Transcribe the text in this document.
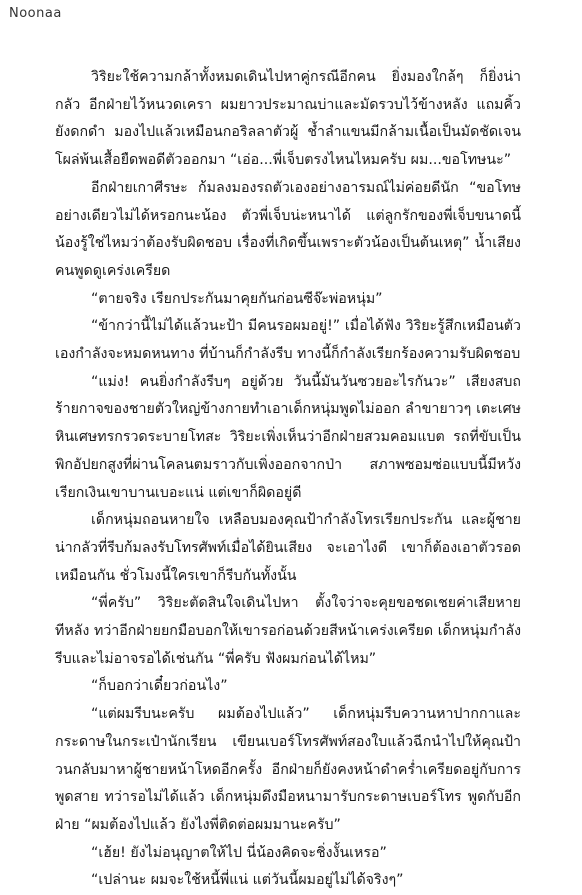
Noonaa

วิริยะใช้ความกล้าทั้งหมดเดินไปหาคู่กรณีอีกคน ยิ่งมองใกล้ๆ ก็ยิ่งน่ากลัว อีกฝ่ายไว้หนวดเครา ผมยาวประมาณบ่าและมัดรวบไว้ข้างหลัง แถมคิ้วยังดกดำ มองไปแล้วเหมือนกอริลลาตัวผู้ ช้ำลำแขนมีกล้ามเนื้อเป็นมัดชัดเจน โผล่พ้นเสื้อยืดพอดีตัวออกมา “เอ่อ...พี่เจ็บตรงไหนไหมครับ ผม...ขอโทษนะ”

อีกฝ่ายเกาศีรษะ ก้มลงมองรถตัวเองอย่างอารมณ์ไม่ค่อยดีนัก “ขอโทษอย่างเดียวไม่ได้หรอกนะน้อง ตัวพี่เจ็บน่ะหนาได้ แต่ลูกรักของพี่เจ็บขนาดนี้ น้องรู้ใช่ไหมว่าต้องรับผิดชอบ เรื่องที่เกิดขึ้นเพราะตัวน้องเป็นต้นเหตุ” น้ำเสียงคนพูดดูเคร่งเครียด

“ตายจริง เรียกประกันมาคุยกันก่อนซีจ๊ะพ่อหนุ่ม”

“ข้ากว่านี้ไม่ได้แล้วนะป้า มีคนรอผมอยู่!” เมื่อได้ฟัง วิริยะรู้สึกเหมือนตัวเองกำลังจะหมดหนทาง ที่บ้านก็กำลังรีบ ทางนี้ก็กำลังเรียกร้องความรับผิดชอบ

“แม่ง! คนยิ่งกำลังรีบๆ อยู่ด้วย วันนี้มันวันซวยอะไรกันวะ” เสียงสบถร้ายกาจของชายตัวใหญ่ข้างกายทำเอาเด็กหนุ่มพูดไม่ออก ลำขายาวๆ เตะเศษหินเศษทรกรวดระบายโทสะ วิริยะเพิ่งเห็นว่าอีกฝ่ายสวมคอมแบต รถที่ขับเป็นพิกอัปยกสูงที่ผ่านโคลนตมราวกับเพิ่งออกจากป่า สภาพซอมซ่อแบบนี้มีหวังเรียกเงินเขาบานเบอะแน่ แต่เขาก็ผิดอยู่ดี

เด็กหนุ่มถอนหายใจ เหลือบมองคุณป้ากำลังโทรเรียกประกัน และผู้ชายน่ากลัวที่รีบก้มลงรับโทรศัพท์เมื่อได้ยินเสียง จะเอาไงดี เขาก็ต้องเอาตัวรอดเหมือนกัน ชั่วโมงนี้ใครเขาก็รีบกันทั้งนั้น

“พี่ครับ” วิริยะตัดสินใจเดินไปหา ตั้งใจว่าจะคุยขอชดเชยค่าเสียหายทีหลัง ทว่าอีกฝ่ายยกมือบอกให้เขารอก่อนด้วยสีหน้าเคร่งเครียด เด็กหนุ่มกำลังรีบและไม่อาจรอได้เช่นกัน “พี่ครับ ฟังผมก่อนได้ไหม”

“ก็บอกว่าเดี๋ยวก่อนไง”

“แต่ผมรีบนะครับ ผมต้องไปแล้ว” เด็กหนุ่มรีบควานหาปากกาและกระดาษในกระเป๋านักเรียน เขียนเบอร์โทรศัพท์สองใบแล้วฉีกนำไปให้คุณป้า วนกลับมาหาผู้ชายหน้าโหดอีกครั้ง อีกฝ่ายก็ยังคงหน้าดำคร่ำเครียดอยู่กับการพูดสาย ทว่ารอไม่ได้แล้ว เด็กหนุ่มดึงมือหนามารับกระดาษเบอร์โทร พูดกับอีกฝ่าย “ผมต้องไปแล้ว ยังไงพี่ติดต่อผมมานะครับ”

“เฮ้ย! ยังไม่อนุญาตให้ไป นี่น้องคิดจะชิ่งงั้นเหรอ”

“เปล่านะ ผมจะใช้หนี้พี่แน่ แต่วันนี้ผมอยู่ไม่ได้จริงๆ”
